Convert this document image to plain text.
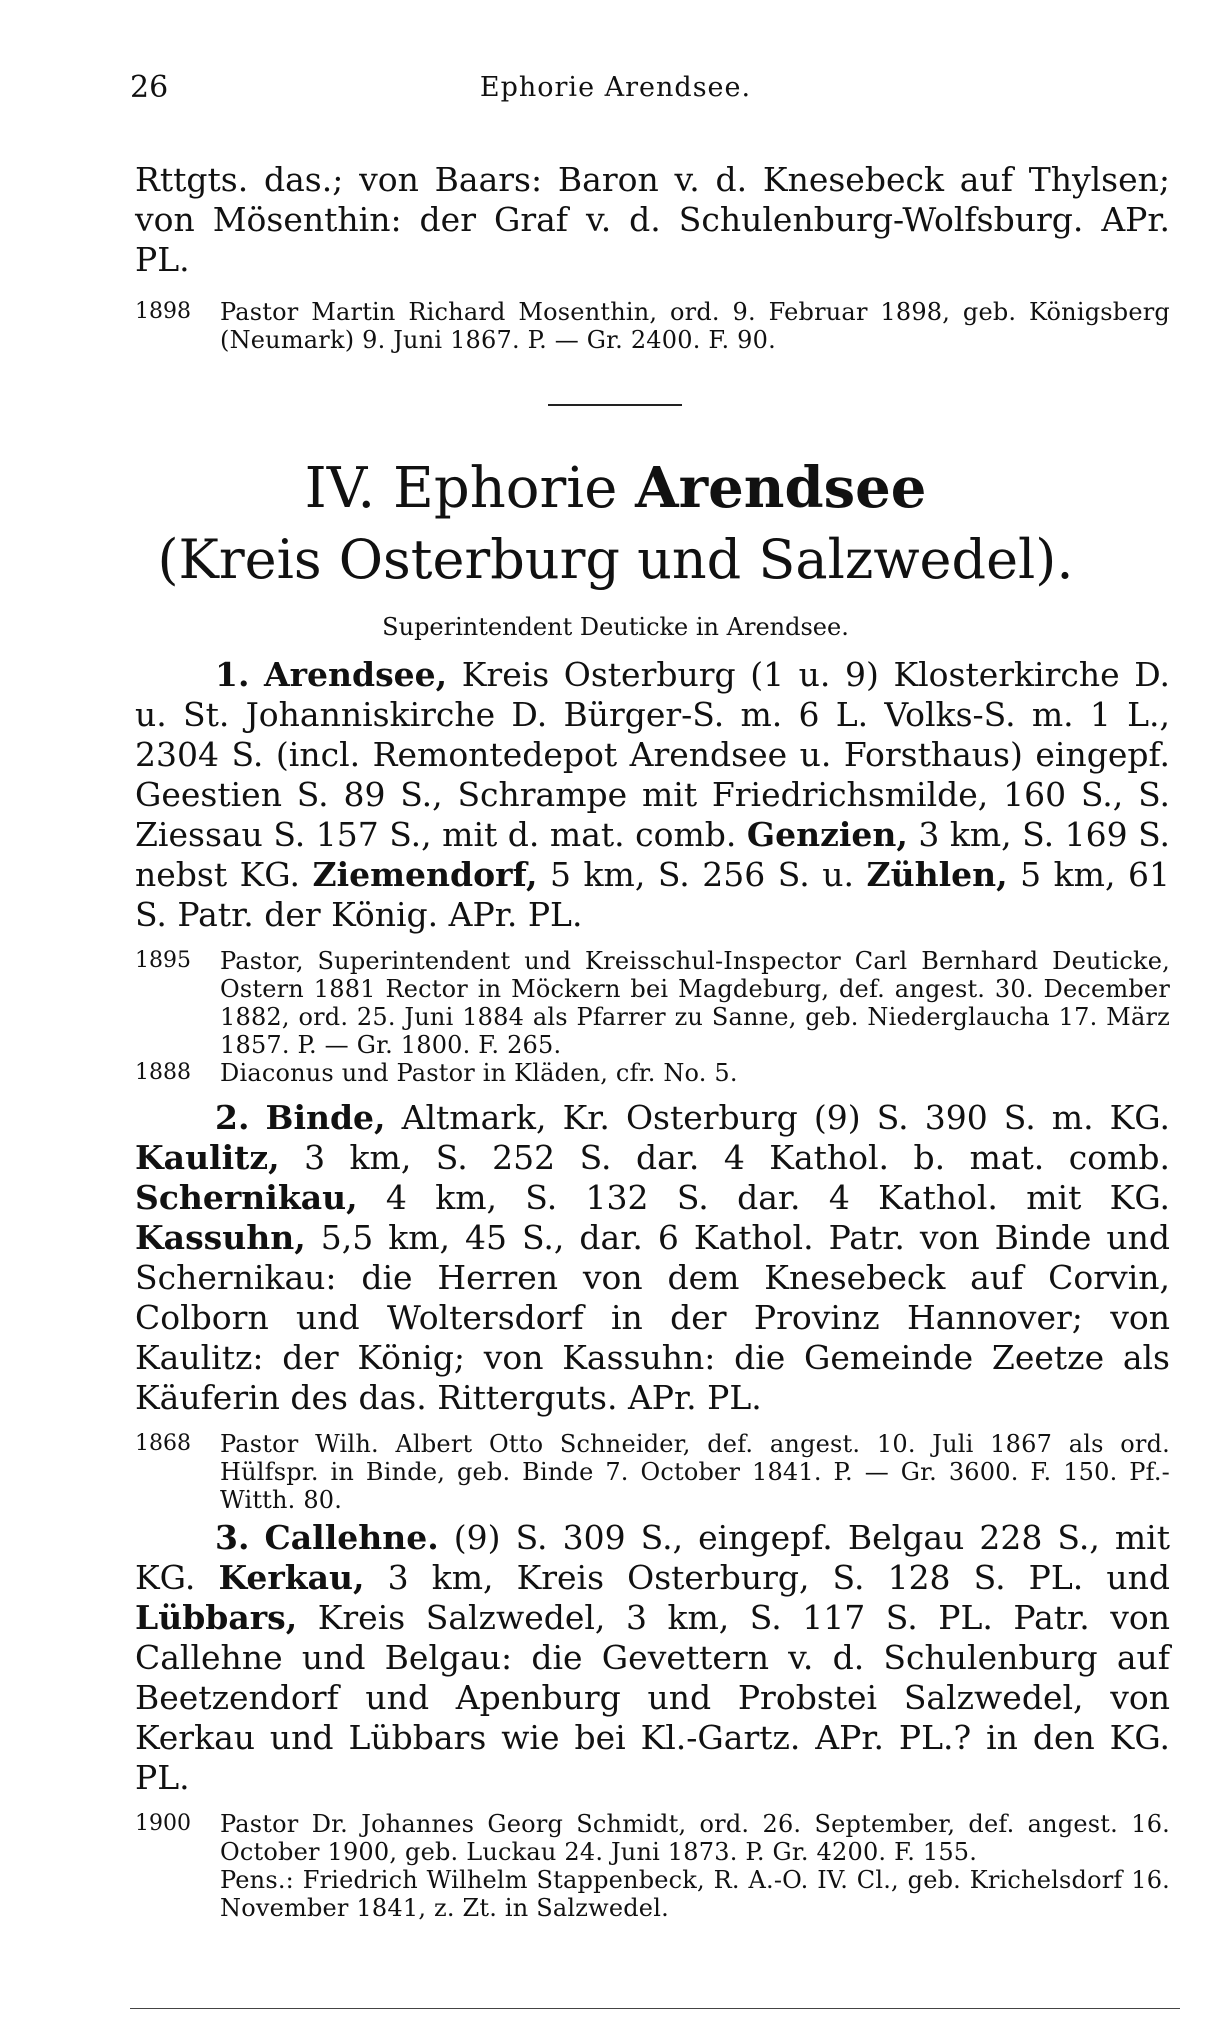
26	Ephorie Arendsee.

Rttgts. das.; von Baars: Baron v. d. Knesebeck auf Thylsen; von Mösenthin: der Graf v. d. Schulenburg-Wolfsburg. APr. PL.

1898	Pastor Martin Richard Mosenthin, ord. 9. Februar 1898, geb. Königsberg (Neumark) 9. Juni 1867. P. — Gr. 2400. F. 90.
IV. Ephorie Arendsee
(Kreis Osterburg und Salzwedel).
Superintendent Deuticke in Arendsee.

1. Arendsee, Kreis Osterburg (1 u. 9) Klosterkirche D. u. St. Johanniskirche D. Bürger-S. m. 6 L. Volks-S. m. 1 L., 2304 S. (incl. Remontedepot Arendsee u. Forsthaus) eingepf. Geestien S. 89 S., Schrampe mit Friedrichsmilde, 160 S., S. Ziessau S. 157 S., mit d. mat. comb. Genzien, 3 km, S. 169 S. nebst KG. Ziemendorf, 5 km, S. 256 S. u. Zühlen, 5 km, 61 S. Patr. der König. APr. PL.

1895	Pastor, Superintendent und Kreisschul-Inspector Carl Bernhard Deuticke, Ostern 1881 Rector in Möckern bei Magdeburg, def. angest. 30. December 1882, ord. 25. Juni 1884 als Pfarrer zu Sanne, geb. Niederglaucha 17. März 1857. P. — Gr. 1800. F. 265.
1888	Diaconus und Pastor in Kläden, cfr. No. 5.

2. Binde, Altmark, Kr. Osterburg (9) S. 390 S. m. KG. Kaulitz, 3 km, S. 252 S. dar. 4 Kathol. b. mat. comb. Schernikau, 4 km, S. 132 S. dar. 4 Kathol. mit KG. Kassuhn, 5,5 km, 45 S., dar. 6 Kathol. Patr. von Binde und Schernikau: die Herren von dem Knesebeck auf Corvin, Colborn und Woltersdorf in der Provinz Hannover; von Kaulitz: der König; von Kassuhn: die Gemeinde Zeetze als Käuferin des das. Ritterguts. APr. PL.

1868	Pastor Wilh. Albert Otto Schneider, def. angest. 10. Juli 1867 als ord. Hülfspr. in Binde, geb. Binde 7. October 1841. P. — Gr. 3600. F. 150. Pf.-Witth. 80.

3. Callehne. (9) S. 309 S., eingepf. Belgau 228 S., mit KG. Kerkau, 3 km, Kreis Osterburg, S. 128 S. PL. und Lübbars, Kreis Salzwedel, 3 km, S. 117 S. PL. Patr. von Callehne und Belgau: die Gevettern v. d. Schulenburg auf Beetzendorf und Apenburg und Probstei Salzwedel, von Kerkau und Lübbars wie bei Kl.-Gartz. APr. PL.? in den KG. PL.

1900	Pastor Dr. Johannes Georg Schmidt, ord. 26. September, def. angest. 16. October 1900, geb. Luckau 24. Juni 1873. P. Gr. 4200. F. 155.
Pens.: Friedrich Wilhelm Stappenbeck, R. A.-O. IV. Cl., geb. Krichelsdorf 16. November 1841, z. Zt. in Salzwedel.
